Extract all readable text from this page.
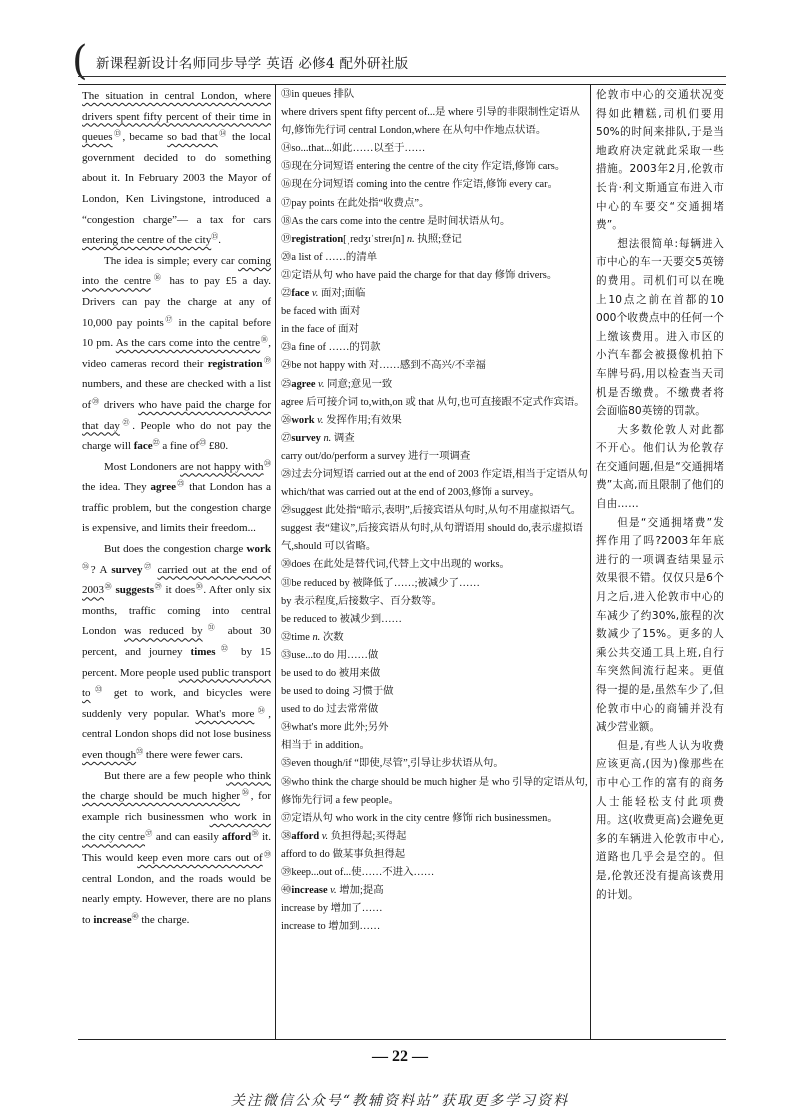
( 新课程新设计名师同步导学 英语 必修4 配外研社版

The situation in central London, where drivers spent fifty percent of their time in queues⑬, became so bad that⑭ the local government decided to do something about it. In February 2003 the Mayor of London, Ken Livingstone, introduced a “congestion charge”— a tax for cars entering the centre of the city⑮.

The idea is simple; every car coming into the centre⑯ has to pay £5 a day. Drivers can pay the charge at any of 10,000 pay points⑰ in the capital before 10 pm. As the cars come into the centre⑱, video cameras record their registration⑲ numbers, and these are checked with a list of⑳ drivers who have paid the charge for that day$^㉑$. People who do not pay the charge will face$^㉒$ a fine $of^㉓$ £80.

Most Londoners are not happy with$^㉔$ the idea. They agree$^㉕$ that London has a traffic problem, but the congestion charge is expensive, and limits their freedom...

But does the congestion charge work$^㉖$? A survey$^㉗$ carried out at the end of $2003^㉘$ suggests$^㉙$ it does$^㉚$. After only six months, traffic coming into central London was reduced $by^㉛$ about 30 percent, and journey times$^㉜$ by 15 percent. More people used public transport $to^㉝$ get to work, and bicycles were suddenly very popular. What's more$^㉞$, central London shops did not lose business even though$^㉟$ there were fewer cars.

But there are a few people who think the charge should be much higher$^㊱$, for example rich businessmen who work in the city centre$^㊲$ and can easily afford$^㊳$ it. This would keep even more cars out $of^㊴$ central London, and the roads would be nearly empty. However, there are no plans to increase$^㊵$ the charge.

⑬in queues 排队

where drivers spent fifty percent of...是 where 引导的非限制性定语从句,修饰先行词 central London,where 在从句中作地点状语。

⑭so...that...如此……以至于……

⑮现在分词短语 entering the centre of the city 作定语,修饰 cars。

⑯现在分词短语 coming into the centre 作定语,修饰 every car。

⑰pay points 在此处指“收费点”。

⑱As the cars come into the centre 是时间状语从句。

⑲registration[ˌredʒɪˈstreɪʃn] n. 执照;登记

⑳a list of ……的清单

㉑定语从句 who have paid the charge for that day 修饰 drivers。

㉒face v. 面对;面临

be faced with 面对

in the face of 面对

㉓a fine of ……的罚款

㉔be not happy with 对……感到不高兴/不幸福

㉕agree v. 同意;意见一致

agree 后可接介词 to,with,on 或 that 从句,也可直接跟不定式作宾语。

㉖work v. 发挥作用;有效果

㉗survey n. 调查

carry out/do/perform a survey 进行一项调查

㉘过去分词短语 carried out at the end of 2003 作定语,相当于定语从句 which/that was carried out at the end of 2003,修饰 a survey。

㉙suggest 此处指“暗示,表明”,后接宾语从句时,从句不用虚拟语气。

suggest 表“建议”,后接宾语从句时,从句谓语用 should do,表示虚拟语气,should 可以省略。

㉚does 在此处是替代词,代替上文中出现的 works。

㉛be reduced by 被降低了……;被减少了……

by 表示程度,后接数字、百分数等。

be reduced to 被减少到……

㉜time n. 次数

㉝use...to do 用……做

be used to do 被用来做

be used to doing 习惯于做

used to do 过去常常做

㉞what's more 此外;另外

相当于 in addition。

㉟even though/if “即使,尽管”,引导让步状语从句。

㊱who think the charge should be much higher 是 who 引导的定语从句,修饰先行词 a few people。

㊲定语从句 who work in the city centre 修饰 rich businessmen。

㊳afford v. 负担得起;买得起

afford to do 做某事负担得起

㊴keep...out of...使……不进入……

㊵increase v. 增加;提高

increase by 增加了……

increase to 增加到……

伦敦市中心的交通状况变得如此糟糕,司机们要用50%的时间来排队,于是当地政府决定就此采取一些措施。2003年2月,伦敦市长肯·利文斯通宣布进入市中心的车要交“交通拥堵费”。

想法很简单:每辆进入市中心的车一天要交5英镑的费用。司机们可以在晚上10点之前在首都的10 000个收费点中的任何一个上缴该费用。进入市区的小汽车都会被摄像机拍下车牌号码,用以检查当天司机是否缴费。不缴费者将会面临80英镑的罚款。

大多数伦敦人对此都不开心。他们认为伦敦存在交通问题,但是“交通拥堵费”太高,而且限制了他们的自由……

但是“交通拥堵费”发挥作用了吗?2003年年底进行的一项调查结果显示效果很不错。仅仅只是6个月之后,进入伦敦市中心的车减少了约30%,旅程的次数减少了15%。更多的人乘公共交通工具上班,自行车突然间流行起来。更值得一提的是,虽然车少了,但伦敦市中心的商铺并没有减少营业额。

但是,有些人认为收费应该更高,(因为)像那些在市中心工作的富有的商务人士能轻松支付此项费用。这(收费更高)会避免更多的车辆进入伦敦市中心,道路也几乎会是空的。但是,伦敦还没有提高该费用的计划。

— 22 —
关注微信公众号“教辅资料站”获取更多学习资料
